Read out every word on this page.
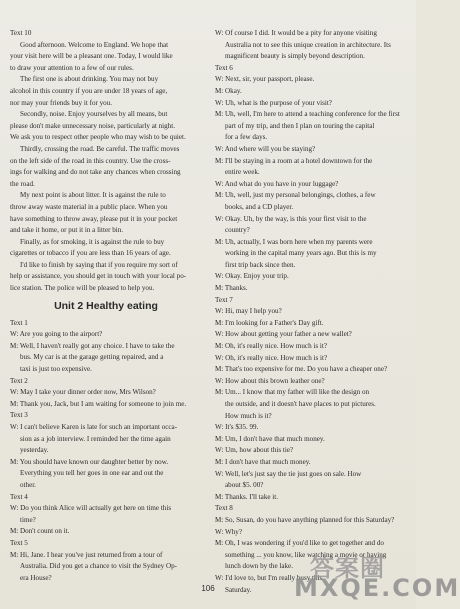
Text 10
Good afternoon. Welcome to England. We hope that
your visit here will be a pleasant one. Today, I would like
to draw your attention to a few of our rules.
The first one is about drinking. You may not buy
alcohol in this country if you are under 18 years of age,
nor may your friends buy it for you.
Secondly, noise. Enjoy yourselves by all means, but
please don't make unnecessary noise, particularly at night.
We ask you to respect other people who may wish to be quiet.
Thirdly, crossing the road. Be careful. The traffic moves
on the left side of the road in this country. Use the cross-
ings for walking and do not take any chances when crossing
the road.
My next point is about litter. It is against the rule to
throw away waste material in a public place. When you
have something to throw away, please put it in your pocket
and take it home, or put it in a litter bin.
Finally, as for smoking, it is against the rule to buy
cigarettes or tobacco if you are less than 16 years of age.
I'd like to finish by saying that if you require my sort of
help or assistance, you should get in touch with your local po-
lice station. The police will be pleased to help you.
Unit 2 Healthy eating
Text 1
W: Are you going to the airport?
M: Well, I haven't really got any choice. I have to take the
bus. My car is at the garage getting repaired, and a
taxi is just too expensive.
Text 2
W: May I take your dinner order now, Mrs Wilson?
M: Thank you, Jack, but I am waiting for someone to join me.
Text 3
W: I can't believe Karen is late for such an important occa-
sion as a job interview. I reminded her the time again
yesterday.
M: You should have known our daughter better by now.
Everything you tell her goes in one ear and out the
other.
Text 4
W: Do you think Alice will actually get here on time this
time?
M: Don't count on it.
Text 5
M: Hi, Jane. I hear you've just returned from a tour of
Australia. Did you get a chance to visit the Sydney Op-
era House?
W: Of course I did. It would be a pity for anyone visiting
Australia not to see this unique creation in architecture. Its
magnificent beauty is simply beyond description.
Text 6
W: Next, sir, your passport, please.
M: Okay.
W: Uh, what is the purpose of your visit?
M: Uh, well, I'm here to attend a teaching conference for the first
part of my trip, and then I plan on touring the capital
for a few days.
W: And where will you be staying?
M: I'll be staying in a room at a hotel downtown for the
entire week.
W: And what do you have in your luggage?
M: Uh, well, just my personal belongings, clothes, a few
books, and a CD player.
W: Okay. Uh, by the way, is this your first visit to the
country?
M: Uh, actually, I was born here when my parents were
working in the capital many years ago. But this is my
first trip back since then.
W: Okay. Enjoy your trip.
M: Thanks.
Text 7
W: Hi, may I help you?
M: I'm looking for a Father's Day gift.
W: How about getting your father a new wallet?
M: Oh, it's really nice. How much is it?
W: Oh, it's really nice. How much is it?
M: That's too expensive for me. Do you have a cheaper one?
W: How about this brown leather one?
M: Um... I know that my father will like the design on
the outside, and it doesn't have places to put pictures.
How much is it?
W: It's $35. 99.
M: Um, I don't have that much money.
W: Um, how about this tie?
M: I don't have that much money.
W: Well, let's just say the tie just goes on sale. How
about $5. 00?
M: Thanks. I'll take it.
Text 8
M: So, Susan, do you have anything planned for this Saturday?
W: Why?
M: Oh, I was wondering if you'd like to get together and do
something ... you know, like watching a movie or having
lunch down by the lake.
W: I'd love to, but I'm really busy this
Saturday.
106
答案圈
MXQE.COM
